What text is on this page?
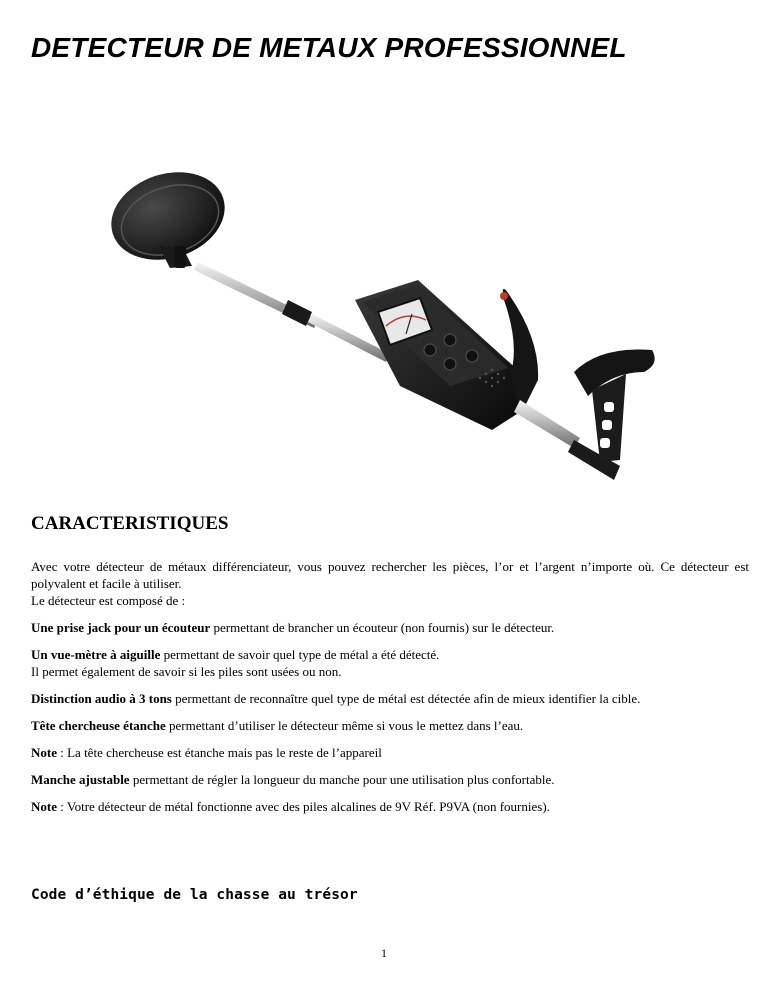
DETECTEUR DE METAUX PROFESSIONNEL
CARACTERISTIQUES

Avec votre détecteur de métaux différenciateur, vous pouvez rechercher les pièces, l’or et l’argent n’importe où. Ce détecteur est polyvalent et facile à utiliser.
Le détecteur est composé de :

Une prise jack pour un écouteur permettant de brancher un écouteur (non fournis) sur le détecteur.

Un vue-mètre à aiguille permettant de savoir quel type de métal a été détecté.
Il permet également de savoir si les piles sont usées ou non.

Distinction audio à 3 tons permettant de reconnaître quel type de métal est détectée afin de mieux identifier la cible.

Tête chercheuse étanche permettant d’utiliser le détecteur même si vous le mettez dans l’eau.

Note : La tête chercheuse est étanche mais pas le reste de l’appareil

Manche ajustable permettant de régler la longueur du manche pour une utilisation plus confortable.

Note : Votre détecteur de métal fonctionne avec des piles alcalines de 9V Réf. P9VA (non fournies).

Code d’éthique de la chasse au trésor
1
